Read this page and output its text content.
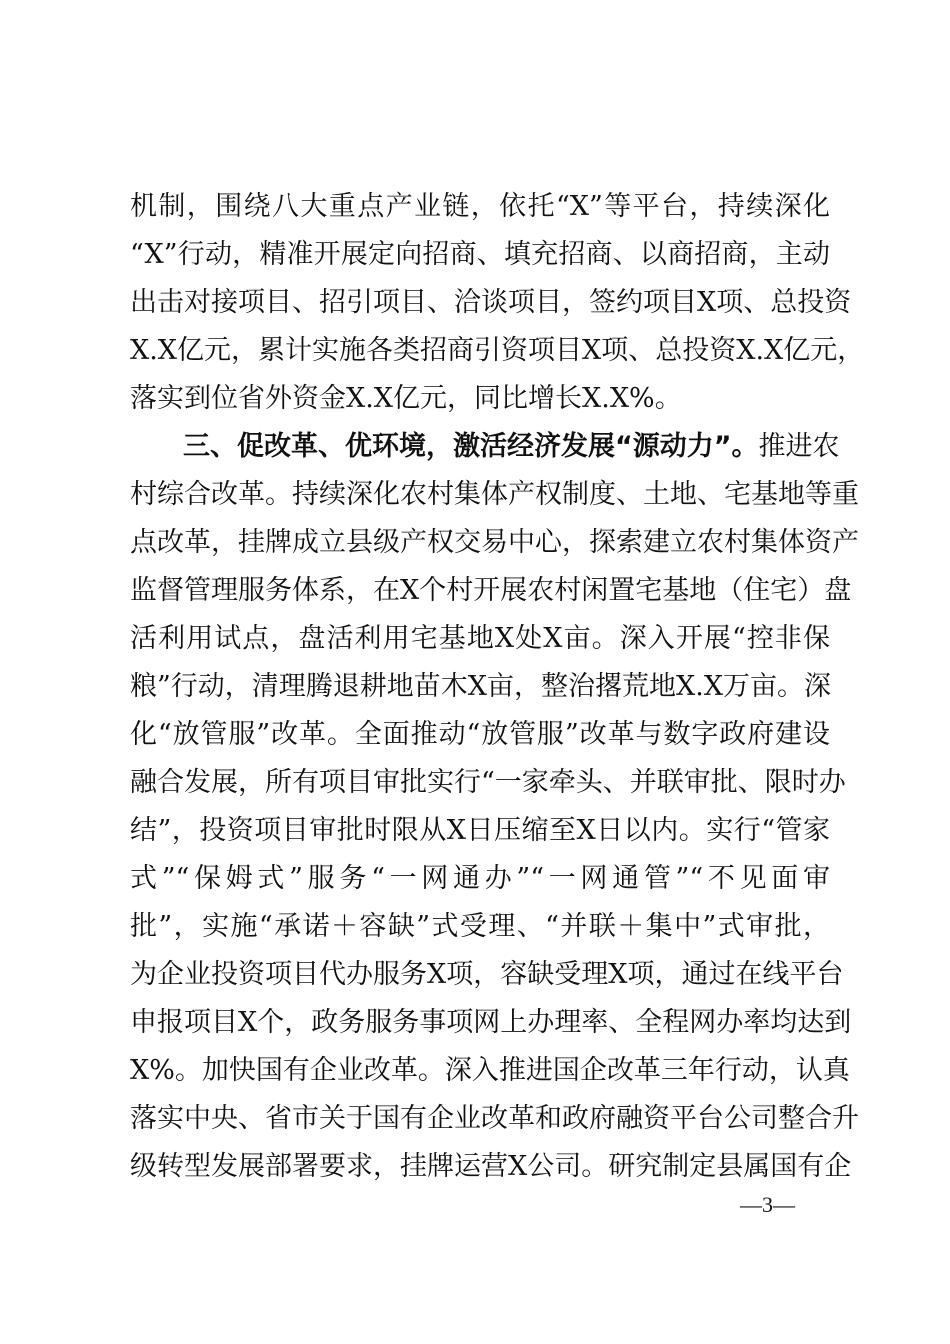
机制，围绕八大重点产业链，依托“X”等平台，持续深化
“X”行动，精准开展定向招商、填充招商、以商招商，主动
出击对接项目、招引项目、洽谈项目，签约项目X项、总投资
X.X亿元，累计实施各类招商引资项目X项、总投资X.X亿元，
落实到位省外资金X.X亿元，同比增长X.X%。
三、促改革、优环境，激活经济发展“源动力”。推进农
村综合改革。持续深化农村集体产权制度、土地、宅基地等重
点改革，挂牌成立县级产权交易中心，探索建立农村集体资产
监督管理服务体系，在X个村开展农村闲置宅基地（住宅）盘
活利用试点，盘活利用宅基地X处X亩。深入开展“控非保
粮”行动，清理腾退耕地苗木X亩，整治撂荒地X.X万亩。深
化“放管服”改革。全面推动“放管服”改革与数字政府建设
融合发展，所有项目审批实行“一家牵头、并联审批、限时办
结”，投资项目审批时限从X日压缩至X日以内。实行“管家
式”“保姆式”服务“一网通办”“一网通管”“不见面审
批”，实施“承诺＋容缺”式受理、“并联＋集中”式审批，
为企业投资项目代办服务X项，容缺受理X项，通过在线平台
申报项目X个，政务服务事项网上办理率、全程网办率均达到
X%。加快国有企业改革。深入推进国企改革三年行动，认真
落实中央、省市关于国有企业改革和政府融资平台公司整合升
级转型发展部署要求，挂牌运营X公司。研究制定县属国有企
—3—
